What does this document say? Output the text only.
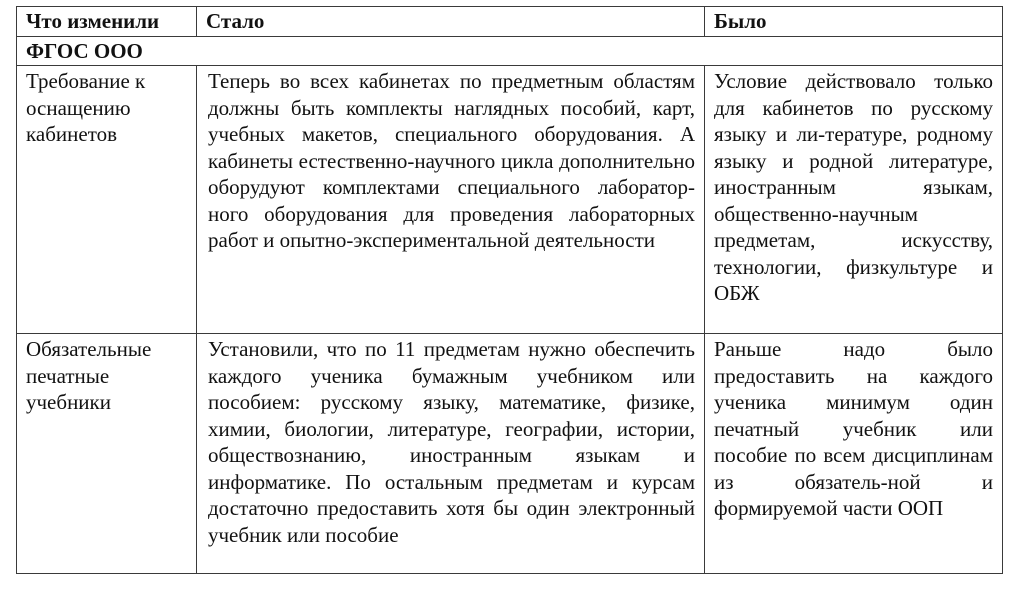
Что изменили	Стало	Было
ФГОС ООО		
Требование к оснащению кабинетов	Теперь во всех кабинетах по предметным областям должны быть комплекты наглядных пособий, карт, учебных макетов, специального оборудования. А кабинеты естественно-научного цикла дополнительно оборудуют комплектами специального лаборатор-ного оборудования для проведения лабораторных работ и опытно-экспериментальной деятельности	Условие действовало только для кабинетов по русскому языку и ли-тературе, родному языку и родной литературе, иностранным языкам, общественно-научным предметам, искусству, технологии, физкультуре и ОБЖ
Обязательные печатные учебники	Установили, что по 11 предметам нужно обеспечить каждого ученика бумажным учебником или пособием: русскому языку, математике, физике, химии, биологии, литературе, географии, истории, обществознанию, иностранным языкам и информатике. По остальным предметам и курсам достаточно предоставить хотя бы один электронный учебник или пособие	Раньше надо было предоставить на каждого ученика минимум один печатный учебник или пособие по всем дисциплинам из обязатель-ной и формируемой части ООП
